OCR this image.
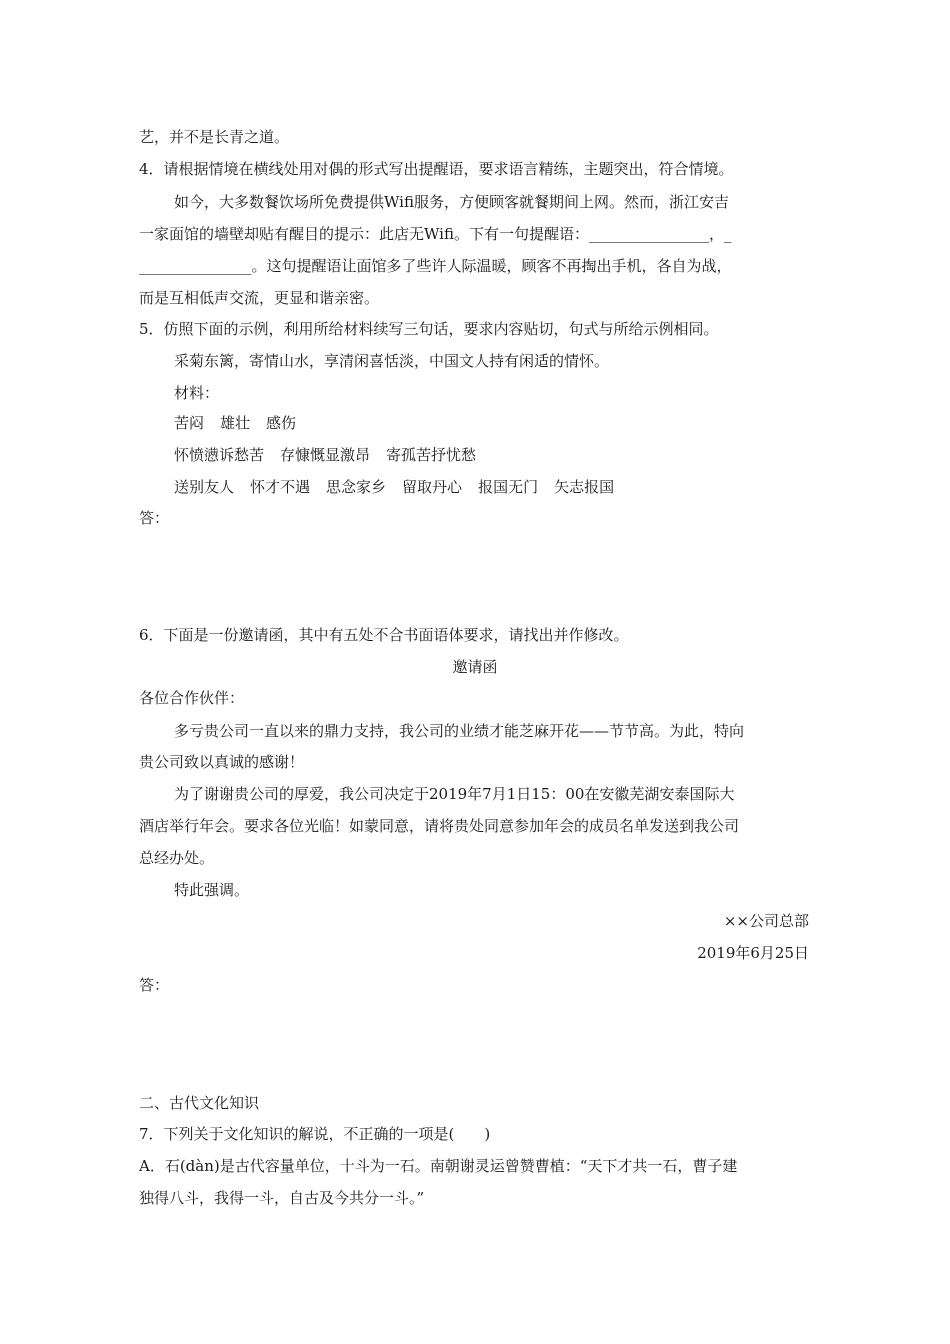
艺，并不是长青之道。
4．请根据情境在横线处用对偶的形式写出提醒语，要求语言精练，主题突出，符合情境。
如今，大多数餐饮场所免费提供Wifi服务，方便顾客就餐期间上网。然而，浙江安吉
一家面馆的墙壁却贴有醒目的提示：此店无Wifi。下有一句提醒语：________________，_
_______________。这句提醒语让面馆多了些许人际温暖，顾客不再掏出手机，各自为战，
而是互相低声交流，更显和谐亲密。
5．仿照下面的示例，利用所给材料续写三句话，要求内容贴切，句式与所给示例相同。
采菊东篱，寄情山水，享清闲喜恬淡，中国文人持有闲适的情怀。
材料：
苦闷 雄壮 感伤
怀愤懑诉愁苦 存慷慨显激昂 寄孤苦抒忧愁
送别友人 怀才不遇 思念家乡 留取丹心 报国无门 矢志报国
答：
6．下面是一份邀请函，其中有五处不合书面语体要求，请找出并作修改。
邀请函
各位合作伙伴：
多亏贵公司一直以来的鼎力支持，我公司的业绩才能芝麻开花——节节高。为此，特向
贵公司致以真诚的感谢！
为了谢谢贵公司的厚爱，我公司决定于2019年7月1日15：00在安徽芜湖安泰国际大
酒店举行年会。要求各位光临！如蒙同意，请将贵处同意参加年会的成员名单发送到我公司
总经办处。
特此强调。
××公司总部
2019年6月25日
答：
二、古代文化知识
7．下列关于文化知识的解说，不正确的一项是(　　)
A．石(dàn)是古代容量单位，十斗为一石。南朝谢灵运曾赞曹植：“天下才共一石，曹子建
独得八斗，我得一斗，自古及今共分一斗。”
